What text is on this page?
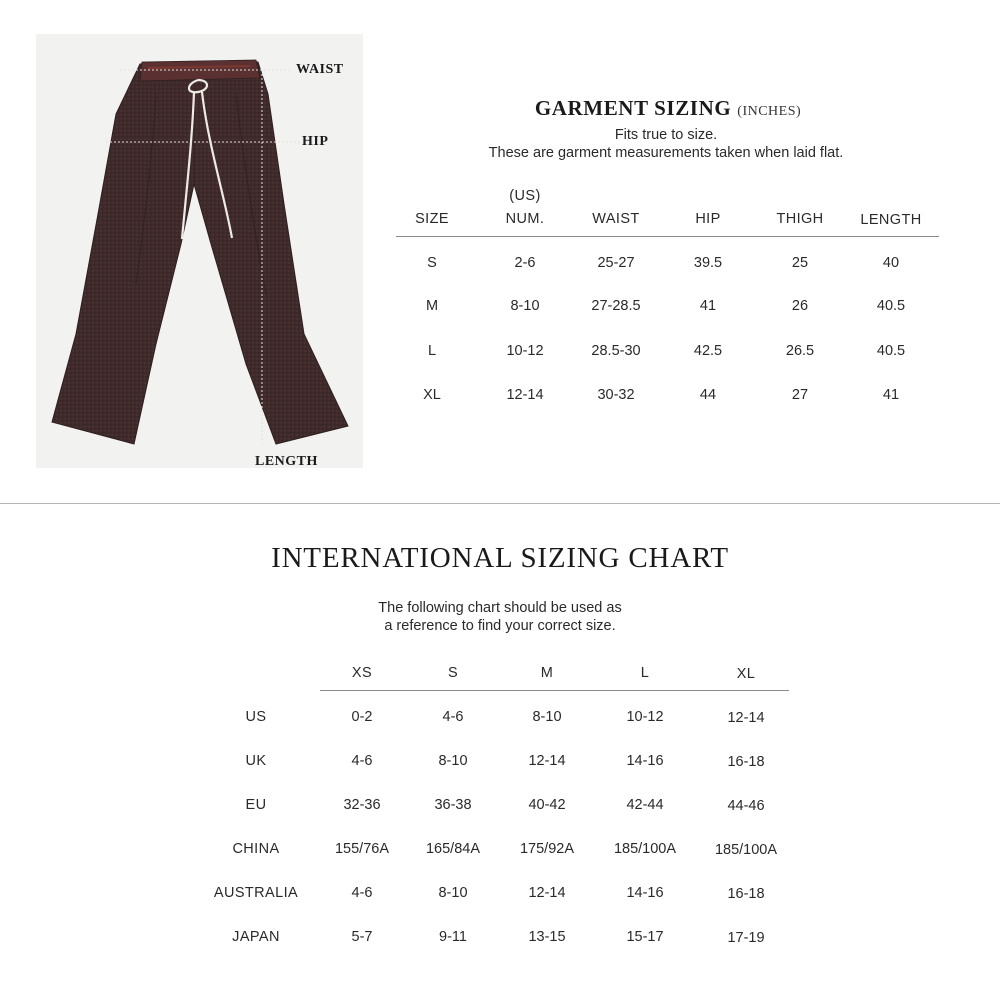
WAIST
HIP
LENGTH
GARMENT SIZING (INCHES)
Fits true to size.
These are garment measurements taken when laid flat.
SIZE
(US)
NUM.	WAIST	HIP	THIGH	LENGTH
S	2-6	25-27	39.5	25	40
M	8-10	27-28.5	41	26	40.5
L	10-12	28.5-30	42.5	26.5	40.5
XL	12-14	30-32	44	27	41
INTERNATIONAL SIZING CHART
The following chart should be used as
a reference to find your correct size.
XS	S	M	L	XL
US	0-2	4-6	8-10	10-12	12-14
UK	4-6	8-10	12-14	14-16	16-18
EU	32-36	36-38	40-42	42-44	44-46
CHINA	155/76A	165/84A	175/92A	185/100A	185/100A
AUSTRALIA	4-6	8-10	12-14	14-16	16-18
JAPAN	5-7	9-11	13-15	15-17	17-19
